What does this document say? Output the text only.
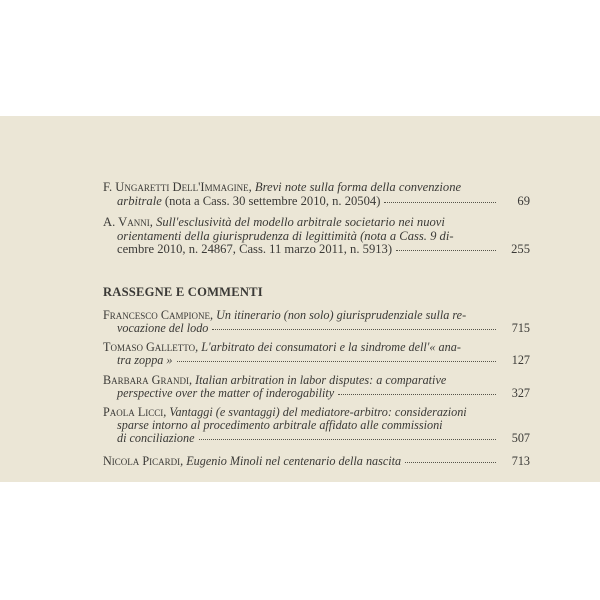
F. Ungaretti Dell'Immagine, Brevi note sulla forma della convenzione
arbitrale (nota a Cass. 30 settembre 2010, n. 20504)	69
A. Vanni, Sull'esclusività del modello arbitrale societario nei nuovi
orientamenti della giurisprudenza di legittimità (nota a Cass. 9 di-
cembre 2010, n. 24867, Cass. 11 marzo 2011, n. 5913)	255
RASSEGNE E COMMENTI
Francesco Campione, Un itinerario (non solo) giurisprudenziale sulla re-
vocazione del lodo	715
Tomaso Galletto, L'arbitrato dei consumatori e la sindrome dell'« ana-
tra zoppa »	127
Barbara Grandi, Italian arbitration in labor disputes: a comparative
perspective over the matter of inderogability	327
Paola Licci, Vantaggi (e svantaggi) del mediatore-arbitro: considerazioni
sparse intorno al procedimento arbitrale affidato alle commissioni
di conciliazione	507
Nicola Picardi, Eugenio Minoli nel centenario della nascita	713
